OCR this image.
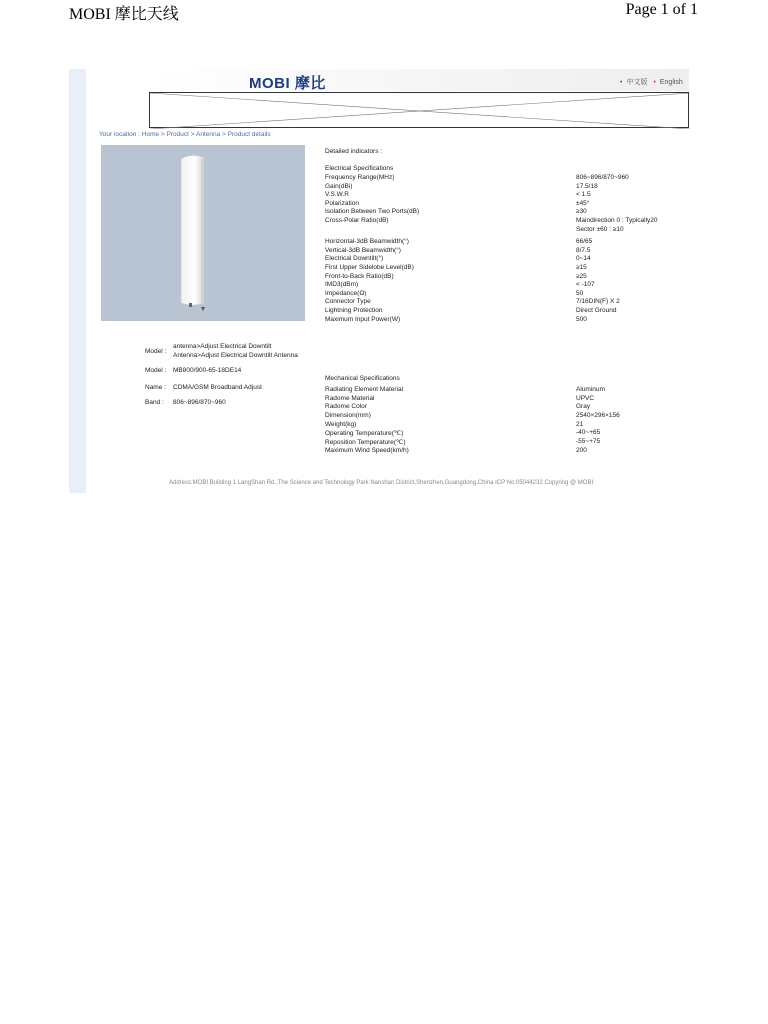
MOBI 摩比天线	Page 1 of 1
MOBI 摩比	• 中文版 • English
Your location : Home > Product > Antenna > Product details
Model :
antenna>Adjust Electrical Downtilt
Antenna>Adjust Electrical Downtilt Antenna
Model : MB800/900-65-18DE14
Name : CDMA/GSM Broadband Adjust
Band : 806~896/870~960
Detailed indicators :
Electrical Specifications
Frequency Range(MHz)	806~896/870~960
Gain(dBi)	17.5/18
V.S.W.R	< 1.5
Polarization	±45°
Isolation Between Two Ports(dB)	≥30
Cross-Polar Ratio(dB)	Maindirection 0 : Typically20
Sector ±60 : ≥10
Horizontal-3dB Beamwidth(°)	66/65
Vertical-3dB Beamwidth(°)	8/7.5
Electrical Downtilt(°)	0~14
First Upper Sidelobe Level(dB)	≥15
Front-to-Back Ratio(dB)	≥25
IMD3(dBm)	< -107
Impedance(Ω)	50
Connector Type	7/16DIN(F) X 2
Lightning Protection	Direct Ground
Maximum Input Power(W)	500
Mechanical Specifications
Radiating Element Material	Aluminum
Radome Material	UPVC
Radome Color	Gray
Dimension(mm)	2540×296×156
Weight(kg)	21
Operating Temperature(℃)	-40~+65
Reposition Temperature(℃)	-55~+75
Maximum Wind Speed(km/h)	200
Address:MOBI Building 1 LangShan Rd.,The Science and Technology Park Nanshan District,Shenzhen,Guangdong,China ICP No:05044232 Copyring @ MOBI
